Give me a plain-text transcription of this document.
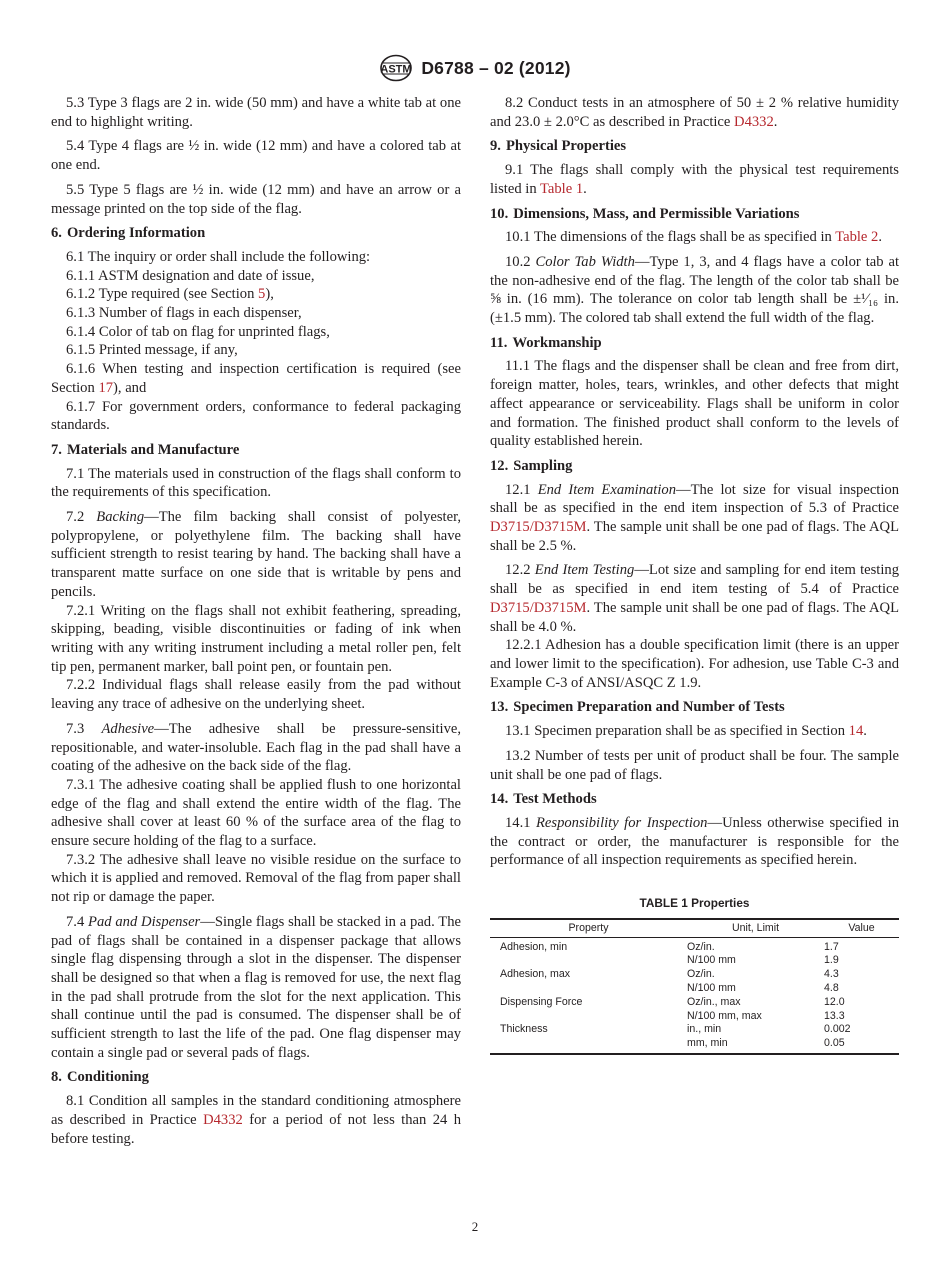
ASTM D6788 – 02 (2012)

5.3 Type 3 flags are 2 in. wide (50 mm) and have a white tab at one end to highlight writing.

5.4 Type 4 flags are ½ in. wide (12 mm) and have a colored tab at one end.

5.5 Type 5 flags are ½ in. wide (12 mm) and have an arrow or a message printed on the top side of the flag.

6. Ordering Information

6.1 The inquiry or order shall include the following:

6.1.1 ASTM designation and date of issue,

6.1.2 Type required (see Section 5),

6.1.3 Number of flags in each dispenser,

6.1.4 Color of tab on flag for unprinted flags,

6.1.5 Printed message, if any,

6.1.6 When testing and inspection certification is required (see Section 17), and

6.1.7 For government orders, conformance to federal packaging standards.

7. Materials and Manufacture

7.1 The materials used in construction of the flags shall conform to the requirements of this specification.

7.2 Backing—The film backing shall consist of polyester, polypropylene, or polyethylene film. The backing shall have sufficient strength to resist tearing by hand. The backing shall have a transparent matte surface on one side that is writable by pens and pencils.

7.2.1 Writing on the flags shall not exhibit feathering, spreading, skipping, beading, visible discontinuities or fading of ink when writing with any writing instrument including a metal roller pen, felt tip pen, permanent marker, ball point pen, or fountain pen.

7.2.2 Individual flags shall release easily from the pad without leaving any trace of adhesive on the underlying sheet.

7.3 Adhesive—The adhesive shall be pressure-sensitive, repositionable, and water-insoluble. Each flag in the pad shall have a coating of the adhesive on the back side of the flag.

7.3.1 The adhesive coating shall be applied flush to one horizontal edge of the flag and shall extend the entire width of the flag. The adhesive shall cover at least 60 % of the surface area of the flag to ensure secure holding of the flag to a surface.

7.3.2 The adhesive shall leave no visible residue on the surface to which it is applied and removed. Removal of the flag from paper shall not rip or damage the paper.

7.4 Pad and Dispenser—Single flags shall be stacked in a pad. The pad of flags shall be contained in a dispenser package that allows single flag dispensing through a slot in the dispenser. The dispenser shall be designed so that when a flag is removed for use, the next flag in the pad shall protrude from the slot for the next application. This shall continue until the pad is consumed. The dispenser shall be of sufficient strength to last the life of the pad. One flag dispenser may contain a single pad or several pads of flags.

8. Conditioning

8.1 Condition all samples in the standard conditioning atmosphere as described in Practice D4332 for a period of not less than 24 h before testing.

8.2 Conduct tests in an atmosphere of 50 ± 2 % relative humidity and 23.0 ± 2.0°C as described in Practice D4332.

9. Physical Properties

9.1 The flags shall comply with the physical test requirements listed in Table 1.

10. Dimensions, Mass, and Permissible Variations

10.1 The dimensions of the flags shall be as specified in Table 2.

10.2 Color Tab Width—Type 1, 3, and 4 flags have a color tab at the non-adhesive end of the flag. The length of the color tab shall be ⅝ in. (16 mm). The tolerance on color tab length shall be ±¹⁄₁₆ in. (±1.5 mm). The colored tab shall extend the full width of the flag.

11. Workmanship

11.1 The flags and the dispenser shall be clean and free from dirt, foreign matter, holes, tears, wrinkles, and other defects that might affect appearance or serviceability. Flags shall be uniform in color and formation. The finished product shall conform to the levels of quality established herein.

12. Sampling

12.1 End Item Examination—The lot size for visual inspection shall be as specified in the end item inspection of 5.3 of Practice D3715/D3715M. The sample unit shall be one pad of flags. The AQL shall be 2.5 %.

12.2 End Item Testing—Lot size and sampling for end item testing shall be as specified in end item testing of 5.4 of Practice D3715/D3715M. The sample unit shall be one pad of flags. The AQL shall be 4.0 %.

12.2.1 Adhesion has a double specification limit (there is an upper and lower limit to the specification). For adhesion, use Table C-3 and Example C-3 of ANSI/ASQC Z 1.9.

13. Specimen Preparation and Number of Tests

13.1 Specimen preparation shall be as specified in Section 14.

13.2 Number of tests per unit of product shall be four. The sample unit shall be one pad of flags.

14. Test Methods

14.1 Responsibility for Inspection—Unless otherwise specified in the contract or order, the manufacturer is responsible for the performance of all inspection requirements as specified herein.

TABLE 1 Properties
Property	Unit, Limit	Value
Adhesion, min	Oz/in.	1.7
	N/100 mm	1.9
Adhesion, max	Oz/in.	4.3
	N/100 mm	4.8
Dispensing Force	Oz/in., max	12.0
	N/100 mm, max	13.3
Thickness	in., min	0.002
	mm, min	0.05
2
